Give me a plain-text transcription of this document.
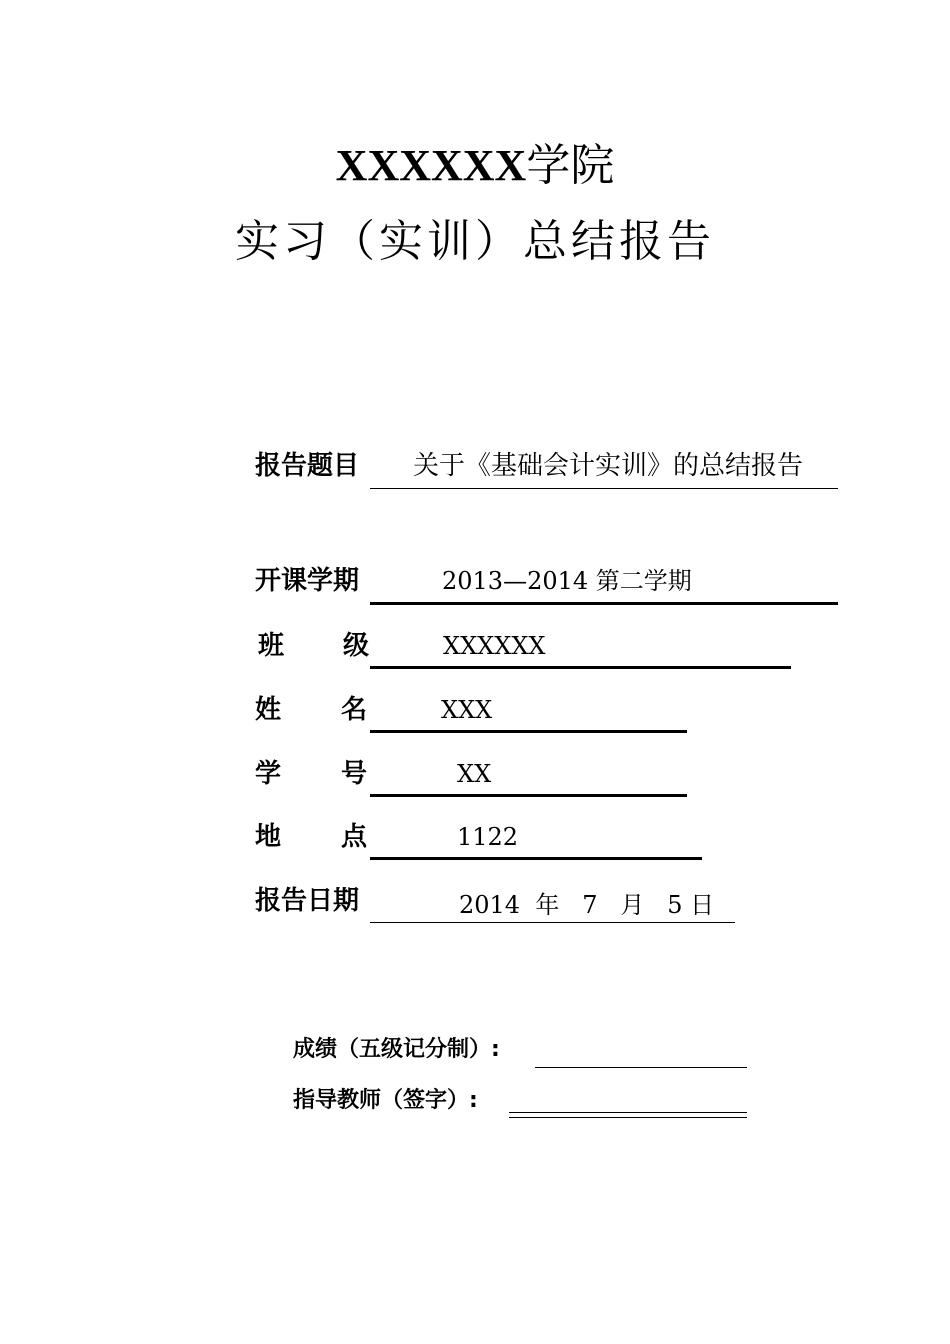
XXXXXX学院
实习（实训）总结报告
报告题目 关于《基础会计实训》的总结报告
开课学期	2013—2014 第二学期
班 级	XXXXXX
姓 名	XXX
学 号	XX
地 点	1122
报告日期	2014  年   7   月   5 日
成绩（五级记分制）:
指导教师（签字）:
